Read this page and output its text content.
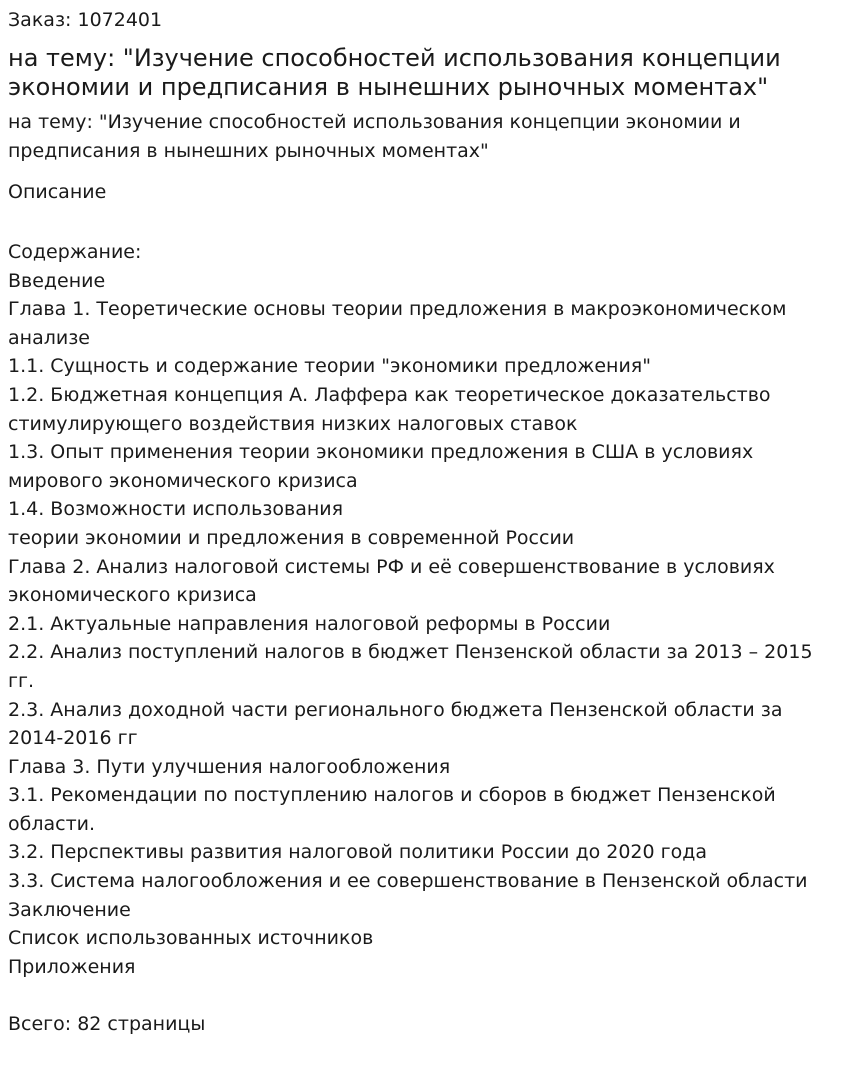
Заказ: 1072401

на тему: "Изучение способностей использования концепции экономии и предписания в нынешних рыночных моментах"

на тему: "Изучение способностей использования концепции экономии и предписания в нынешних рыночных моментах"

Описание

Содержание:
Введение
Глава 1. Теоретические основы теории предложения в макроэкономическом анализе
1.1. Сущность и содержание теории "экономики предложения"
1.2. Бюджетная концепция А. Лаффера как теоретическое доказательство стимулирующего воздействия низких налоговых ставок
1.3. Опыт применения теории экономики предложения в США в условиях мирового экономического кризиса
1.4. Возможности использования
теории экономии и предложения в современной России
Глава 2. Анализ налоговой системы РФ и её совершенствование в условиях экономического кризиса
2.1. Актуальные направления налоговой реформы в России
2.2. Анализ поступлений налогов в бюджет Пензенской области за 2013 – 2015 гг.
2.3. Анализ доходной части регионального бюджета Пензенской области за 2014-2016 гг
Глава 3. Пути улучшения налогообложения
3.1. Рекомендации по поступлению налогов и сборов в бюджет Пензенской области.
3.2. Перспективы развития налоговой политики России до 2020 года
3.3. Система налогообложения и ее совершенствование в Пензенской области
Заключение
Список использованных источников
Приложения

Всего: 82 страницы
